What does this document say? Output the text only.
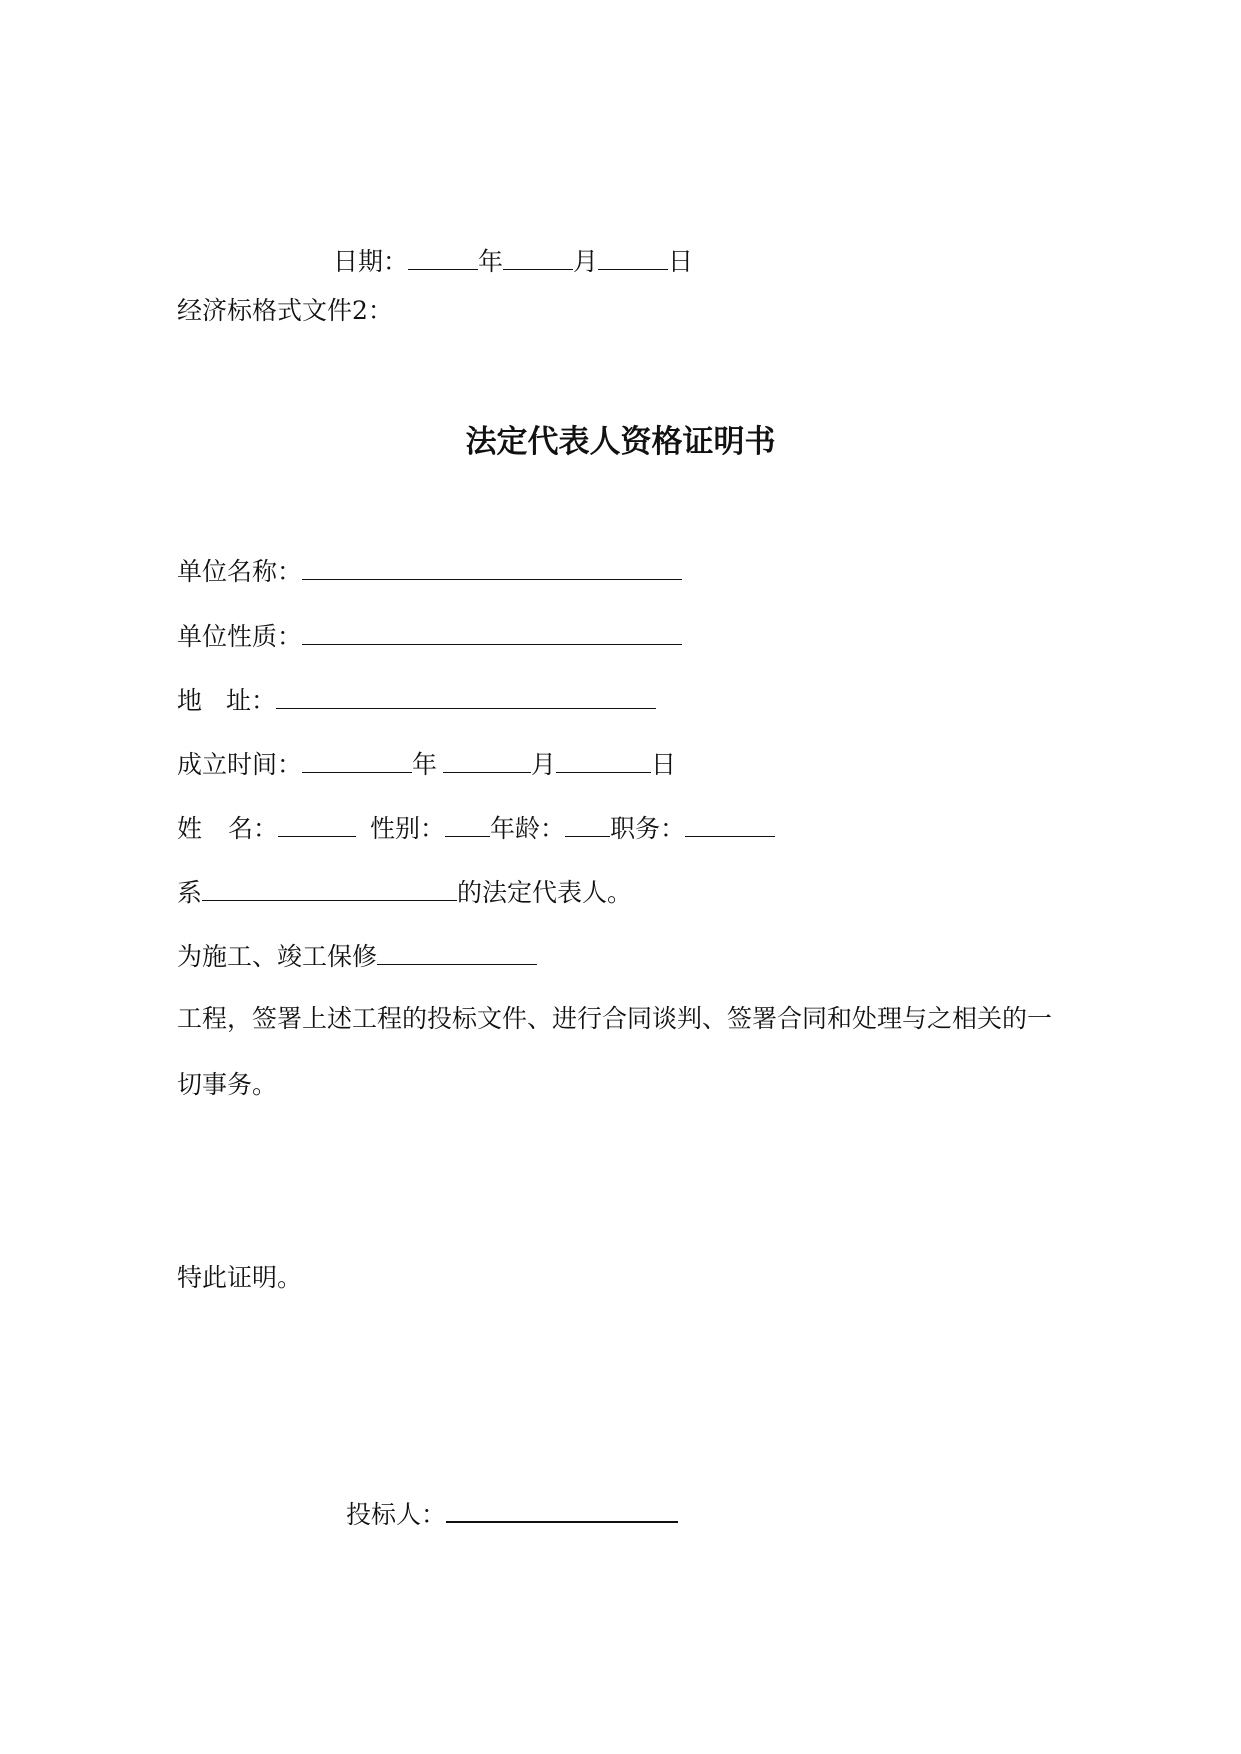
日期：	年	月	日
经济标格式文件2：
法定代表人资格证明书
单位名称：
单位性质：
地 址：
成立时间：	年	月	日
姓 名：	性别： 年龄： 职务：
系	的法定代表人。
为施工、竣工保修
工程，签署上述工程的投标文件、进行合同谈判、签署合同和处理与之相关的一
切事务。
特此证明。
投标人：
